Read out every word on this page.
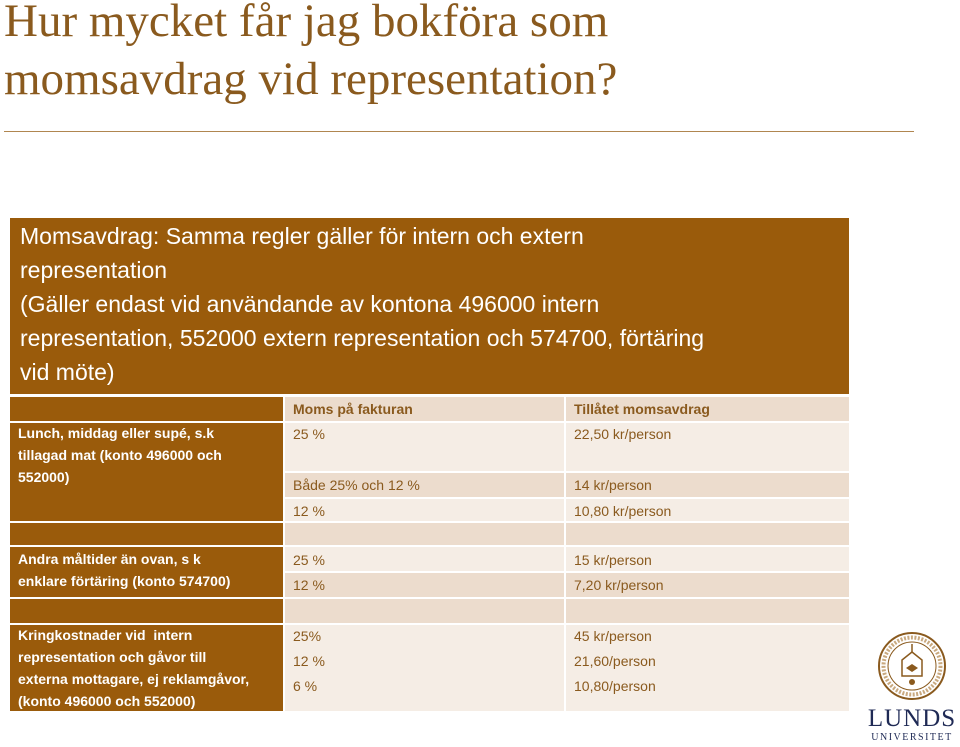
Hur mycket får jag bokföra som
momsavdrag vid representation?
Momsavdrag: Samma regler gäller för intern och extern
representation
(Gäller endast vid användande av kontona 496000 intern
representation, 552000 extern representation och 574700, förtäring
vid möte)
Moms på fakturan	Tillåtet momsavdrag
Lunch, middag eller supé, s.k
tillagad mat (konto 496000 och
552000)
25 %	22,50 kr/person
Både 25% och 12 %	14 kr/person
12 %	10,80 kr/person
Andra måltider än ovan, s k
enklare förtäring (konto 574700)
25 %	15 kr/person
12 %	7,20 kr/person
Kringkostnader vid  intern
representation och gåvor till
externa mottagare, ej reklamgåvor,
(konto 496000 och 552000)
25%	45 kr/person
12 %	21,60/person
6 %	10,80/person
LUNDS
UNIVERSITET
